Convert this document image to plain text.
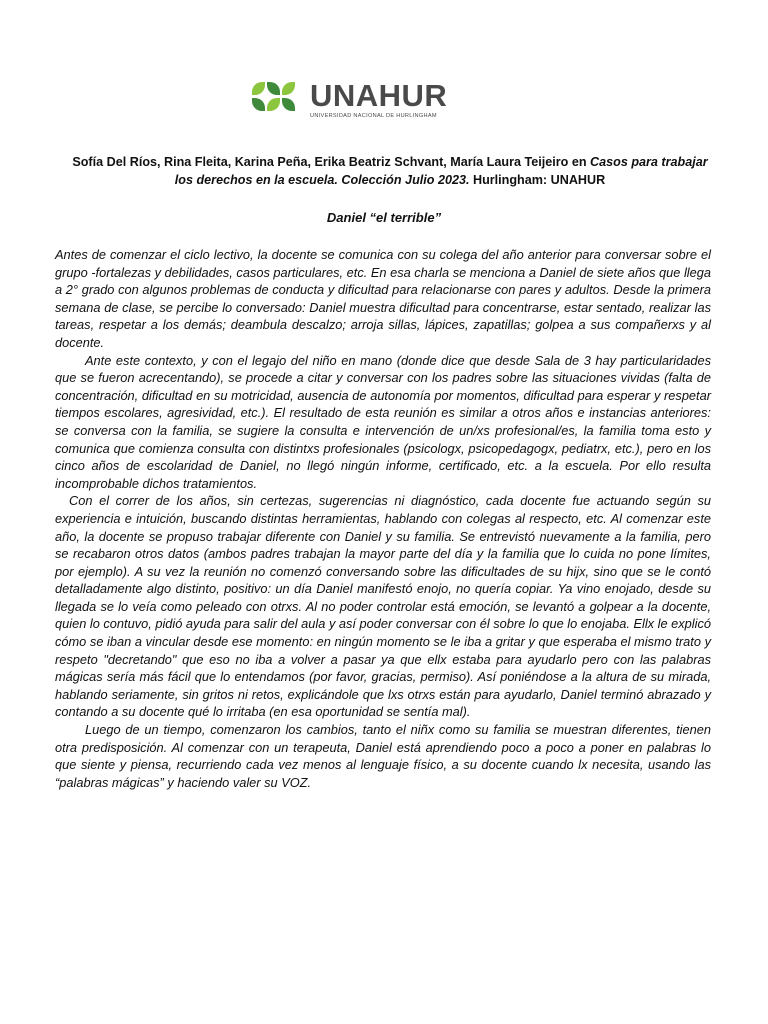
UNAHUR
UNIVERSIDAD NACIONAL DE HURLINGHAM
Sofía Del Ríos, Rina Fleita, Karina Peña, Erika Beatriz Schvant, María Laura Teijeiro en Casos para trabajar los derechos en la escuela. Colección Julio 2023. Hurlingham: UNAHUR
Daniel “el terrible”

Antes de comenzar el ciclo lectivo, la docente se comunica con su colega del año anterior para conversar sobre el grupo -fortalezas y debilidades, casos particulares, etc. En esa charla se menciona a Daniel de siete años que llega a 2° grado con algunos problemas de conducta y dificultad para relacionarse con pares y adultos. Desde la primera semana de clase, se percibe lo conversado: Daniel muestra dificultad para concentrarse, estar sentado, realizar las tareas, respetar a los demás; deambula descalzo; arroja sillas, lápices, zapatillas; golpea a sus compañerxs y al docente.

Ante este contexto, y con el legajo del niño en mano (donde dice que desde Sala de 3 hay particularidades que se fueron acrecentando), se procede a citar y conversar con los padres sobre las situaciones vividas (falta de concentración, dificultad en su motricidad, ausencia de autonomía por momentos, dificultad para esperar y respetar tiempos escolares, agresividad, etc.). El resultado de esta reunión es similar a otros años e instancias anteriores: se conversa con la familia, se sugiere la consulta e intervención de un/xs profesional/es, la familia toma esto y comunica que comienza consulta con distintxs profesionales (psicologx, psicopedagogx, pediatrx, etc.), pero en los cinco años de escolaridad de Daniel, no llegó ningún informe, certificado, etc. a la escuela. Por ello resulta incomprobable dichos tratamientos.

Con el correr de los años, sin certezas, sugerencias ni diagnóstico, cada docente fue actuando según su experiencia e intuición, buscando distintas herramientas, hablando con colegas al respecto, etc. Al comenzar este año, la docente se propuso trabajar diferente con Daniel y su familia. Se entrevistó nuevamente a la familia, pero se recabaron otros datos (ambos padres trabajan la mayor parte del día y la familia que lo cuida no pone límites, por ejemplo). A su vez la reunión no comenzó conversando sobre las dificultades de su hijx, sino que se le contó detalladamente algo distinto, positivo: un día Daniel manifestó enojo, no quería copiar. Ya vino enojado, desde su llegada se lo veía como peleado con otrxs. Al no poder controlar está emoción, se levantó a golpear a la docente, quien lo contuvo, pidió ayuda para salir del aula y así poder conversar con él sobre lo que lo enojaba. Ellx le explicó cómo se iban a vincular desde ese momento: en ningún momento se le iba a gritar y que esperaba el mismo trato y respeto "decretando" que eso no iba a volver a pasar ya que ellx estaba para ayudarlo pero con las palabras mágicas sería más fácil que lo entendamos (por favor, gracias, permiso). Así poniéndose a la altura de su mirada, hablando seriamente, sin gritos ni retos, explicándole que lxs otrxs están para ayudarlo, Daniel terminó abrazado y contando a su docente qué lo irritaba (en esa oportunidad se sentía mal).

Luego de un tiempo, comenzaron los cambios, tanto el niñx como su familia se muestran diferentes, tienen otra predisposición. Al comenzar con un terapeuta, Daniel está aprendiendo poco a poco a poner en palabras lo que siente y piensa, recurriendo cada vez menos al lenguaje físico, a su docente cuando lx necesita, usando las “palabras mágicas” y haciendo valer su VOZ.
